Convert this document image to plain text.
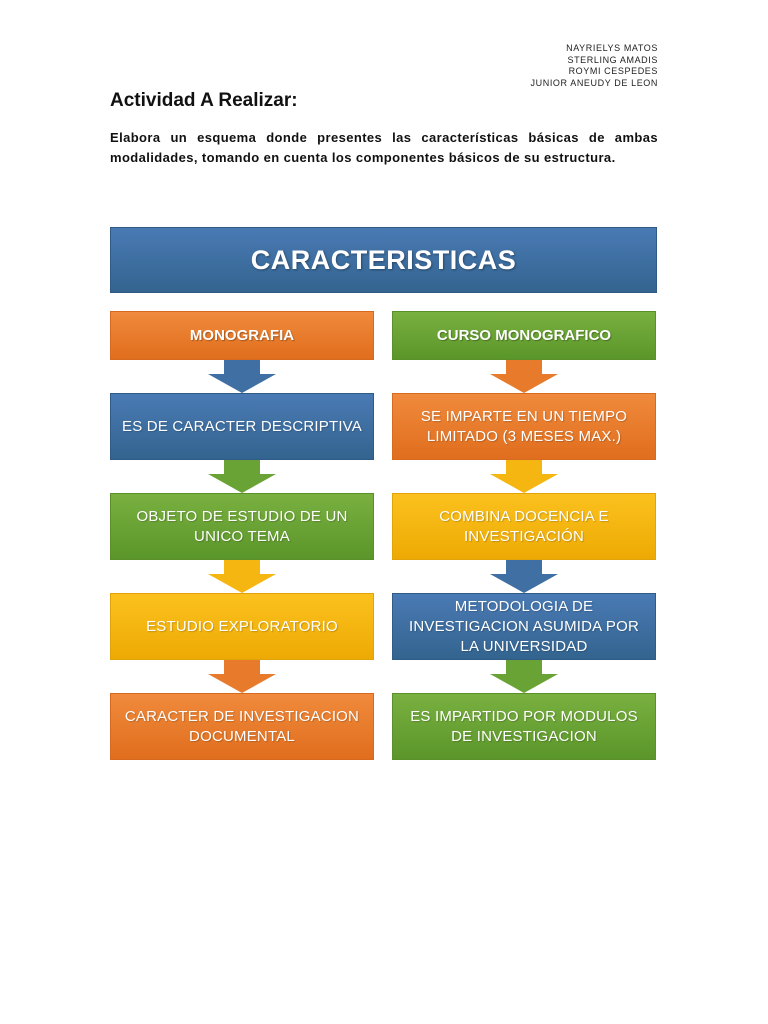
NAYRIELYS MATOS
STERLING AMADIS
ROYMI CESPEDES
JUNIOR ANEUDY DE LEON
Actividad A Realizar:

Elabora un esquema donde presentes las características básicas de ambas modalidades, tomando en cuenta los componentes básicos de su estructura.

CARACTERISTICAS
MONOGRAFIA	CURSO MONOGRAFICO
ES DE CARACTER DESCRIPTIVA
OBJETO DE ESTUDIO DE UN UNICO TEMA
ESTUDIO EXPLORATORIO
CARACTER DE INVESTIGACION DOCUMENTAL
SE IMPARTE EN UN TIEMPO LIMITADO (3 MESES MAX.)
COMBINA DOCENCIA E INVESTIGACIÓN
METODOLOGIA DE INVESTIGACION ASUMIDA POR LA UNIVERSIDAD
ES IMPARTIDO POR MODULOS DE INVESTIGACION
